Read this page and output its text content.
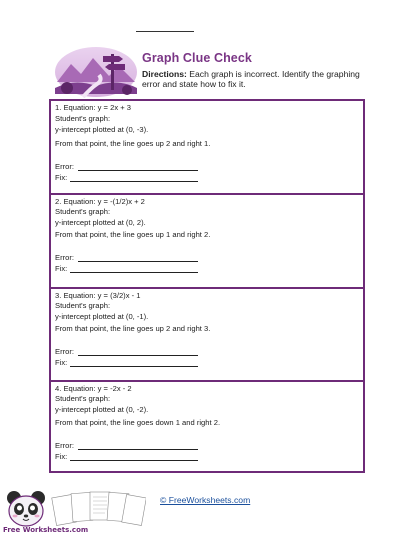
Graph Clue Check
Directions: Each graph is incorrect. Identify the graphing error and state how to fix it.
1. Equation: y = 2x + 3
Student's graph:
y-intercept plotted at (0, -3).
From that point, the line goes up 2 and right 1.
Error:
Fix:
2. Equation: y = -(1/2)x + 2
Student's graph:
y-intercept plotted at (0, 2).
From that point, the line goes up 1 and right 2.
Error:
Fix:
3. Equation: y = (3/2)x - 1
Student's graph:
y-intercept plotted at (0, -1).
From that point, the line goes up 2 and right 3.
Error:
Fix:
4. Equation: y = -2x - 2
Student's graph:
y-intercept plotted at (0, -2).
From that point, the line goes down 1 and right 2.
Error:
Fix:
Free Worksheets.com
© FreeWorksheets.com
